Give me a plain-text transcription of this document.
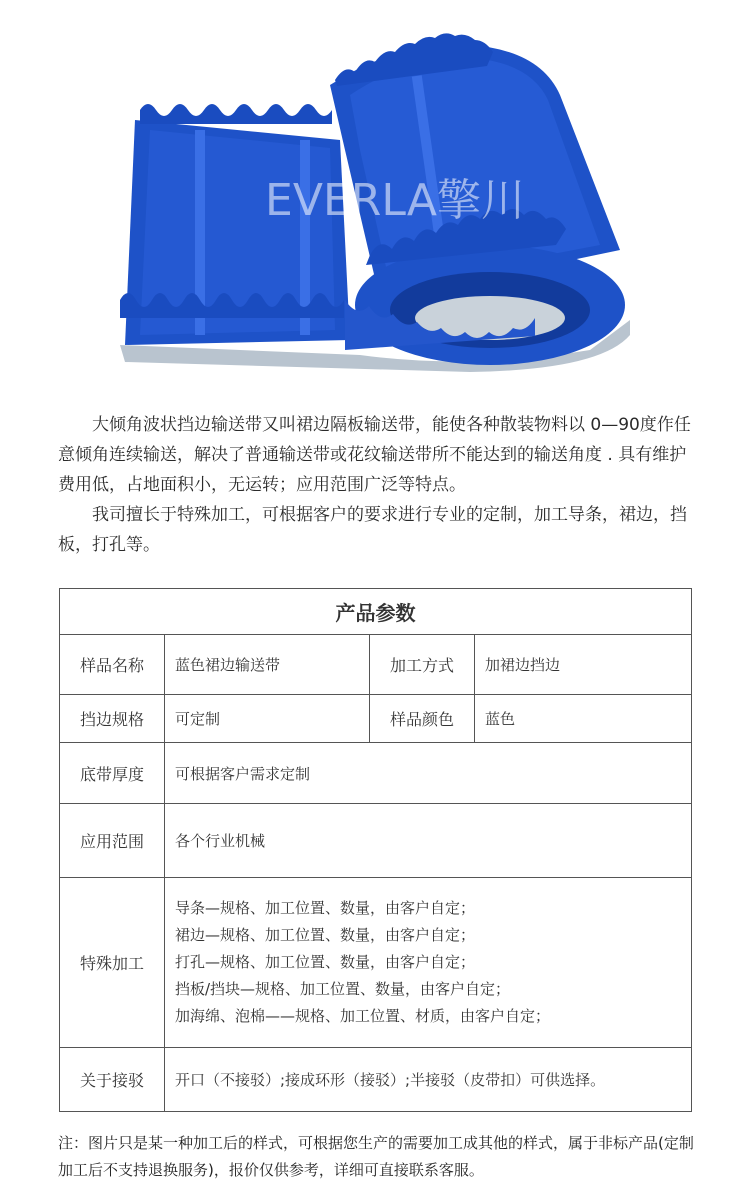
EVERLA擎川

大倾角波状挡边输送带又叫裙边隔板输送带，能使各种散装物料以 0—90度作任意倾角连续输送，解决了普通输送带或花纹输送带所不能达到的输送角度 . 具有维护费用低，占地面积小，无运转；应用范围广泛等特点。

我司擅长于特殊加工，可根据客户的要求进行专业的定制，加工导条，裙边，挡板，打孔等。

产品参数			
样品名称	蓝色裙边输送带	加工方式	加裙边挡边
挡边规格	可定制	样品颜色	蓝色
底带厚度	可根据客户需求定制		
应用范围	各个行业机械		
特殊加工	导条—规格、加工位置、数量，由客户自定；
裙边—规格、加工位置、数量，由客户自定；
打孔—规格、加工位置、数量，由客户自定；
挡板/挡块—规格、加工位置、数量，由客户自定；
加海绵、泡棉——规格、加工位置、材质，由客户自定；		

关于接驳	开口（不接驳）;接成环形（接驳）;半接驳（皮带扣）可供选择。		
注：图片只是某一种加工后的样式，可根据您生产的需要加工成其他的样式，属于非标产品(定制加工后不支持退换服务)，报价仅供参考，详细可直接联系客服。
